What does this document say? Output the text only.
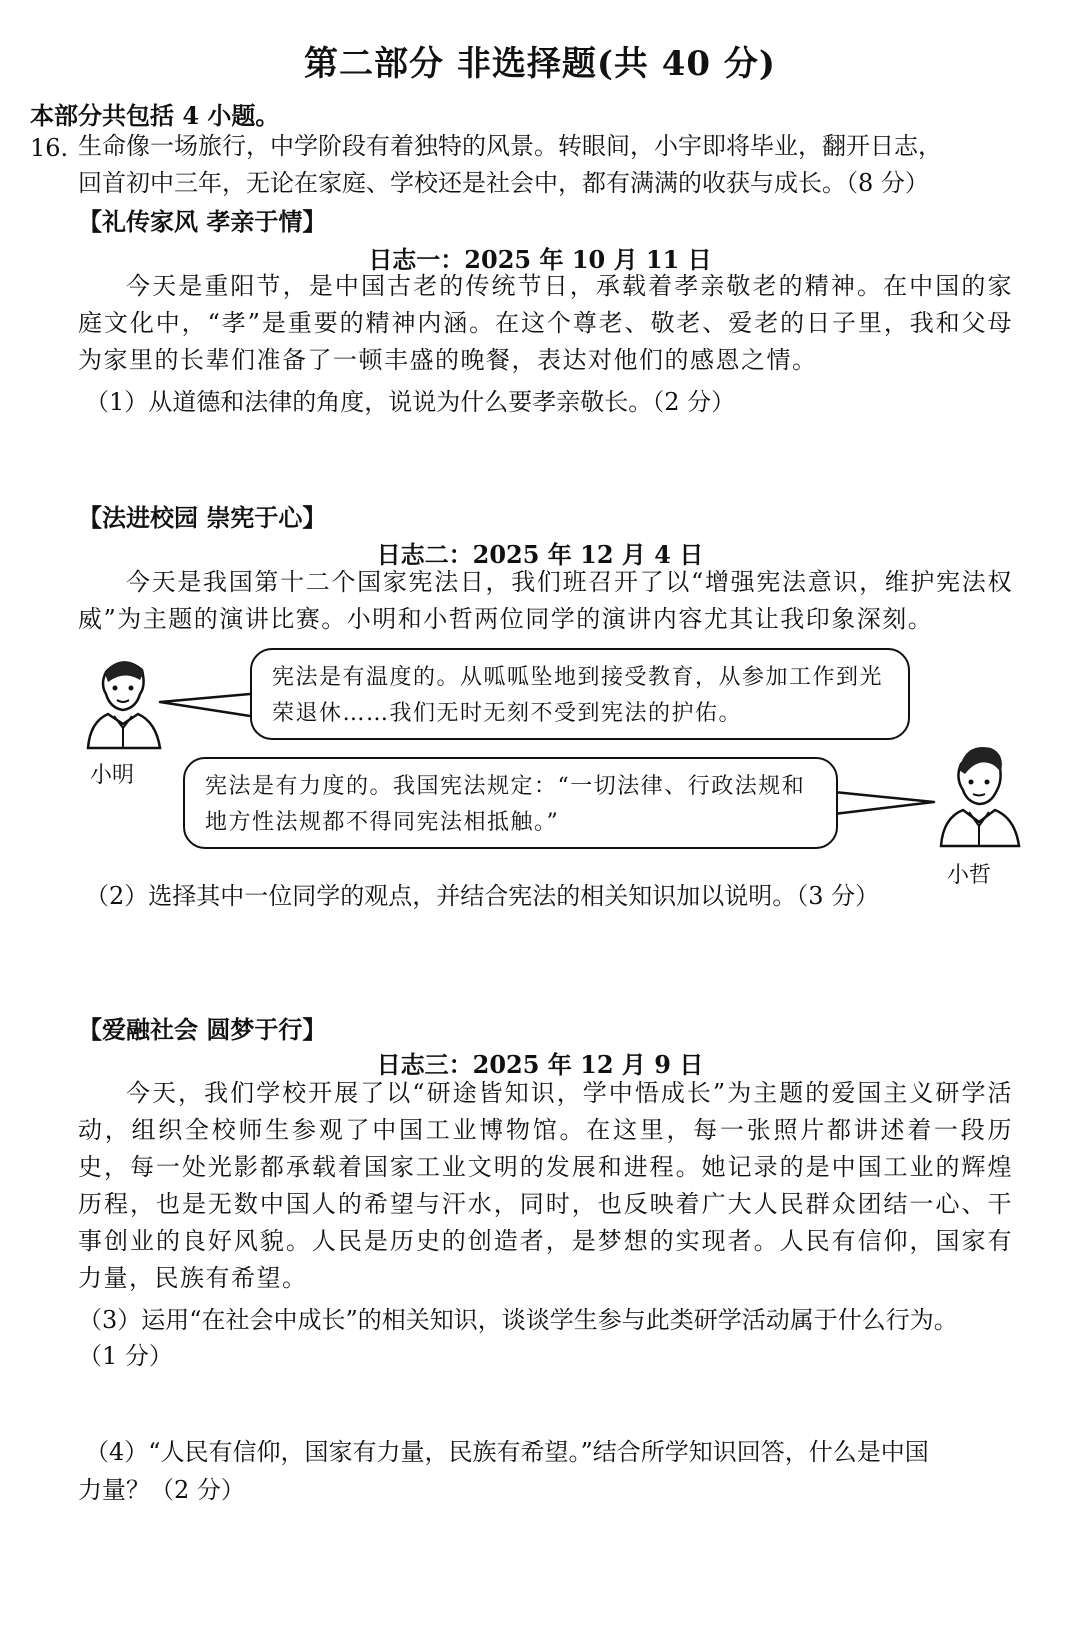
第二部分 非选择题(共 40 分)
本部分共包括 4 小题。
16. 生命像一场旅行，中学阶段有着独特的风景。转眼间，小宇即将毕业，翻开日志，
回首初中三年，无论在家庭、学校还是社会中，都有满满的收获与成长。（8 分）
【礼传家风 孝亲于情】
日志一：2025 年 10 月 11 日
今天是重阳节，是中国古老的传统节日，承载着孝亲敬老的精神。在中国的家庭文化中，“孝”是重要的精神内涵。在这个尊老、敬老、爱老的日子里，我和父母为家里的长辈们准备了一顿丰盛的晚餐，表达对他们的感恩之情。
（1）从道德和法律的角度，说说为什么要孝亲敬长。（2 分）
【法进校园 崇宪于心】
日志二：2025 年 12 月 4 日
今天是我国第十二个国家宪法日，我们班召开了以“增强宪法意识，维护宪法权威”为主题的演讲比赛。小明和小哲两位同学的演讲内容尤其让我印象深刻。
小明
宪法是有温度的。从呱呱坠地到接受教育，从参加工作到光荣退休……我们无时无刻不受到宪法的护佑。
宪法是有力度的。我国宪法规定：“一切法律、行政法规和地方性法规都不得同宪法相抵触。”
小哲
（2）选择其中一位同学的观点，并结合宪法的相关知识加以说明。（3 分）
【爱融社会 圆梦于行】
日志三：2025 年 12 月 9 日
今天，我们学校开展了以“研途皆知识，学中悟成长”为主题的爱国主义研学活动，组织全校师生参观了中国工业博物馆。在这里，每一张照片都讲述着一段历史，每一处光影都承载着国家工业文明的发展和进程。她记录的是中国工业的辉煌历程，也是无数中国人的希望与汗水，同时，也反映着广大人民群众团结一心、干事创业的良好风貌。人民是历史的创造者，是梦想的实现者。人民有信仰，国家有力量，民族有希望。
（3）运用“在社会中成长”的相关知识，谈谈学生参与此类研学活动属于什么行为。
（1 分）
（4）“人民有信仰，国家有力量，民族有希望。”结合所学知识回答，什么是中国
力量？（2 分）
